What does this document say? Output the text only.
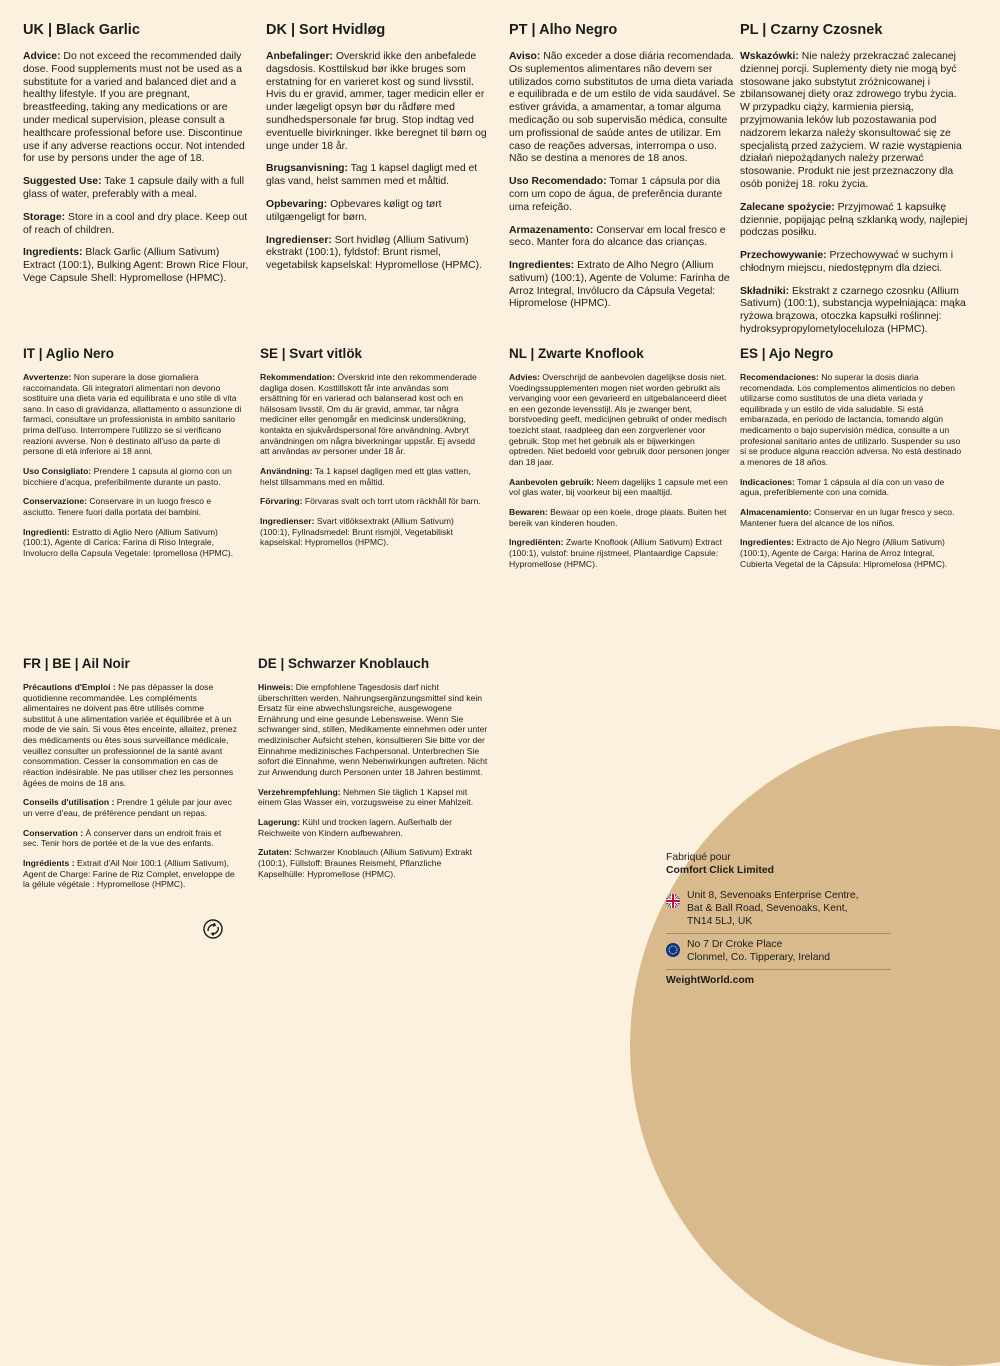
UK | Black Garlic
Advice: Do not exceed the recommended daily dose. Food supplements must not be used as a substitute for a varied and balanced diet and a healthy lifestyle. If you are pregnant, breastfeeding, taking any medications or are under medical supervision, please consult a healthcare professional before use. Discontinue use if any adverse reactions occur. Not intended for use by persons under the age of 18.
Suggested Use: Take 1 capsule daily with a full glass of water, preferably with a meal.
Storage: Store in a cool and dry place. Keep out of reach of children.
Ingredients: Black Garlic (Allium Sativum) Extract (100:1), Bulking Agent: Brown Rice Flour, Vege Capsule Shell: Hypromellose (HPMC).
DK | Sort Hvidløg
Anbefalinger: Overskrid ikke den anbefalede dagsdosis. Kosttilskud bør ikke bruges som erstatning for en varieret kost og sund livsstil. Hvis du er gravid, ammer, tager medicin eller er under lægeligt opsyn bør du rådføre med sundhedspersonale før brug. Stop indtag ved eventuelle bivirkninger. Ikke beregnet til børn og unge under 18 år.
Brugsanvisning: Tag 1 kapsel dagligt med et glas vand, helst sammen med et måltid.
Opbevaring: Opbevares køligt og tørt utilgængeligt for børn.
Ingredienser: Sort hvidløg (Allium Sativum) ekstrakt (100:1), fyldstof: Brunt rismel, vegetabilsk kapselskal: Hypromellose (HPMC).
PT | Alho Negro
Aviso: Não exceder a dose diária recomendada. Os suplementos alimentares não devem ser utilizados como substitutos de uma dieta variada e equilibrada e de um estilo de vida saudável. Se estiver grávida, a amamentar, a tomar alguma medicação ou sob supervisão médica, consulte um profissional de saúde antes de utilizar. Em caso de reações adversas, interrompa o uso. Não se destina a menores de 18 anos.
Uso Recomendado: Tomar 1 cápsula por dia com um copo de água, de preferência durante uma refeição.
Armazenamento: Conservar em local fresco e seco. Manter fora do alcance das crianças.
Ingredientes: Extrato de Alho Negro (Allium sativum) (100:1), Agente de Volume: Farinha de Arroz Integral, Invólucro da Cápsula Vegetal: Hipromelose (HPMC).
PL | Czarny Czosnek
Wskazówki: Nie należy przekraczać zalecanej dziennej porcji. Suplementy diety nie mogą być stosowane jako substytut zróżnicowanej i zbilansowanej diety oraz zdrowego trybu życia. W przypadku ciąży, karmienia piersią, przyjmowania leków lub pozostawania pod nadzorem lekarza należy skonsultować się ze specjalistą przed zażyciem. W razie wystąpienia działań niepożądanych należy przerwać stosowanie. Produkt nie jest przeznaczony dla osób poniżej 18. roku życia.
Zalecane spożycie: Przyjmować 1 kapsułkę dziennie, popijając pełną szklanką wody, najlepiej podczas posiłku.
Przechowywanie: Przechowywać w suchym i chłodnym miejscu, niedostępnym dla dzieci.
Składniki: Ekstrakt z czarnego czosnku (Allium Sativum) (100:1), substancja wypełniająca: mąka ryżowa brązowa, otoczka kapsułki roślinnej: hydroksypropylometyloceluloza (HPMC).
IT | Aglio Nero
Avvertenze: Non superare la dose giornaliera raccomandata. Gli integratori alimentari non devono sostituire una dieta varia ed equilibrata e uno stile di vita sano. In caso di gravidanza, allattamento o assunzione di farmaci, consultare un professionista in ambito sanitario prima dell'uso. Interrompere l'utilizzo se si verificano reazioni avverse. Non è destinato all'uso da parte di persone di età inferiore ai 18 anni.
Uso Consigliato: Prendere 1 capsula al giorno con un bicchiere d'acqua, preferibilmente durante un pasto.
Conservazione: Conservare in un luogo fresco e asciutto. Tenere fuori dalla portata dei bambini.
Ingredienti: Estratto di Aglio Nero (Allium Sativum) (100:1), Agente di Carica: Farina di Riso Integrale, Involucro della Capsula Vegetale: Ipromellosa (HPMC).
SE | Svart vitlök
Rekommendation: Överskrid inte den rekommenderade dagliga dosen. Kosttillskott får inte användas som ersättning för en varierad och balanserad kost och en hälsosam livsstil. Om du är gravid, ammar, tar några mediciner eller genomgår en medicinsk undersökning, kontakta en sjukvårdspersonal före användning. Avbryt användningen om några biverkningar uppstår. Ej avsedd att användas av personer under 18 år.
Användning: Ta 1 kapsel dagligen med ett glas vatten, helst tillsammans med en måltid.
Förvaring: Förvaras svalt och torrt utom räckhåll för barn.
Ingredienser: Svart vitlöksextrakt (Allium Sativum) (100:1), Fyllnadsmedel: Brunt rismjöl, Vegetabiliskt kapselskal: Hypromellos (HPMC).
NL | Zwarte Knoflook
Advies: Overschrijd de aanbevolen dagelijkse dosis niet. Voedingssupplementen mogen niet worden gebruikt als vervanging voor een gevarieerd en uitgebalanceerd dieet en een gezonde levensstijl. Als je zwanger bent, borstvoeding geeft, medicijnen gebruikt of onder medisch toezicht staat, raadpleeg dan een zorgverlener voor gebruik. Stop met het gebruik als er bijwerkingen optreden. Niet bedoeld voor gebruik door personen jonger dan 18 jaar.
Aanbevolen gebruik: Neem dagelijks 1 capsule met een vol glas water, bij voorkeur bij een maaltijd.
Bewaren: Bewaar op een koele, droge plaats. Buiten het bereik van kinderen houden.
Ingrediënten: Zwarte Knoflook (Allium Sativum) Extract (100:1), vulstof: bruine rijstmeel, Plantaardige Capsule: Hypromellose (HPMC).
ES | Ajo Negro
Recomendaciones: No superar la dosis diaria recomendada. Los complementos alimenticios no deben utilizarse como sustitutos de una dieta variada y equilibrada y un estilo de vida saludable. Si está embarazada, en periodo de lactancia, tomando algún medicamento o bajo supervisión médica, consulte a un profesional sanitario antes de utilizarlo. Suspender su uso si se produce alguna reacción adversa. No está destinado a menores de 18 años.
Indicaciones: Tomar 1 cápsula al día con un vaso de agua, preferiblemente con una comida.
Almacenamiento: Conservar en un lugar fresco y seco. Mantener fuera del alcance de los niños.
Ingredientes: Extracto de Ajo Negro (Allium Sativum) (100:1), Agente de Carga: Harina de Arroz Integral, Cubierta Vegetal de la Cápsula: Hipromelosa (HPMC).
FR | BE | Ail Noir
Précautions d'Emploi : Ne pas dépasser la dose quotidienne recommandée. Les compléments alimentaires ne doivent pas être utilisés comme substitut à une alimentation variée et équilibrée et à un mode de vie sain. Si vous êtes enceinte, allaitez, prenez des médicaments ou êtes sous surveillance médicale, veuillez consulter un professionnel de la santé avant consommation. Cesser la consommation en cas de réaction indésirable. Ne pas utiliser chez les personnes âgées de moins de 18 ans.
Conseils d'utilisation : Prendre 1 gélule par jour avec un verre d'eau, de préférence pendant un repas.
Conservation : À conserver dans un endroit frais et sec. Tenir hors de portée et de la vue des enfants.
Ingrédients : Extrait d'Ail Noir 100:1 (Allium Sativum), Agent de Charge: Farine de Riz Complet, enveloppe de la gélule végétale : Hypromellose (HPMC).
DE | Schwarzer Knoblauch
Hinweis: Die empfohlene Tagesdosis darf nicht überschritten werden. Nahrungsergänzungsmittel sind kein Ersatz für eine abwechslungsreiche, ausgewogene Ernährung und eine gesunde Lebensweise. Wenn Sie schwanger sind, stillen, Medikamente einnehmen oder unter medizinischer Aufsicht stehen, konsultieren Sie bitte vor der Einnahme medizinisches Fachpersonal. Unterbrechen Sie sofort die Einnahme, wenn Nebenwirkungen auftreten. Nicht zur Anwendung durch Personen unter 18 Jahren bestimmt.
Verzehrempfehlung: Nehmen Sie täglich 1 Kapsel mit einem Glas Wasser ein, vorzugsweise zu einer Mahlzeit.
Lagerung: Kühl und trocken lagern. Außerhalb der Reichweite von Kindern aufbewahren.
Zutaten: Schwarzer Knoblauch (Allium Sativum) Extrakt (100:1), Füllstoff: Braunes Reismehl, Pflanzliche Kapselhülle: Hypromellose (HPMC).
Fabriqué pour
Comfort Click Limited
Unit 8, Sevenoaks Enterprise Centre,
Bat & Ball Road, Sevenoaks, Kent,
TN14 5LJ, UK
No 7 Dr Croke Place
Clonmel, Co. Tipperary, Ireland
WeightWorld.com
